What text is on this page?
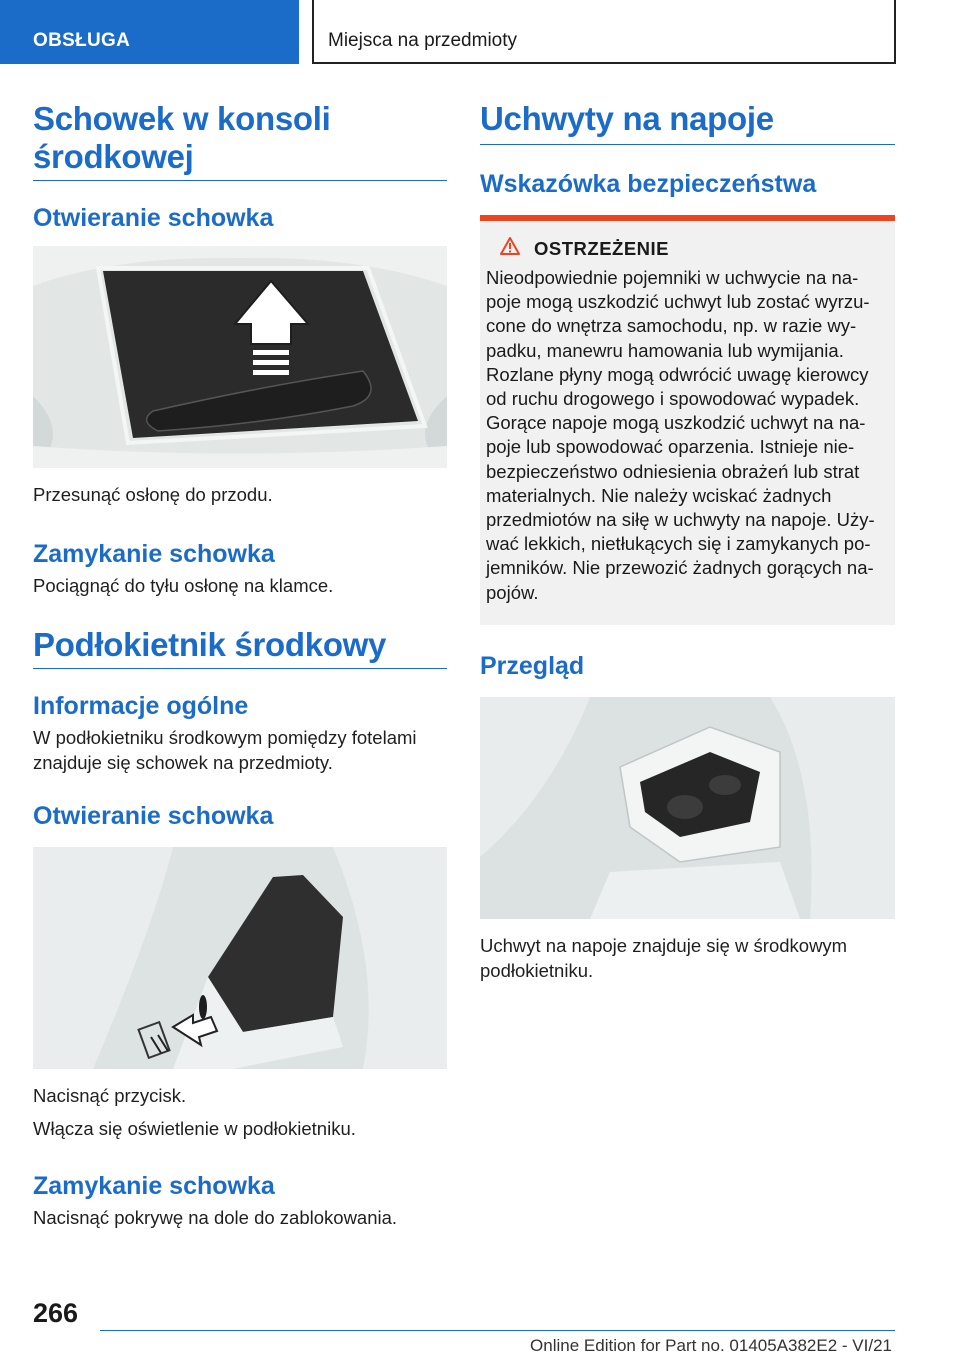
OBSŁUGA	Miejsca na przedmioty
Schowek w konsoli środkowej
Otwieranie schowka
Przesunąć osłonę do przodu.
Zamykanie schowka
Pociągnąć do tyłu osłonę na klamce.
Podłokietnik środkowy
Informacje ogólne
W podłokietniku środkowym pomiędzy fotelami znajduje się schowek na przedmioty.
Otwieranie schowka
Nacisnąć przycisk.
Włącza się oświetlenie w podłokietniku.
Zamykanie schowka
Nacisnąć pokrywę na dole do zablokowania.
Uchwyty na napoje
Wskazówka bezpieczeństwa
OSTRZEŻENIE

Nieodpowiednie pojemniki w uchwycie na na-poje mogą uszkodzić uchwyt lub zostać wyrzu-cone do wnętrza samochodu, np. w razie wy-padku, manewru hamowania lub wymijania. Rozlane płyny mogą odwrócić uwagę kierowcy od ruchu drogowego i spowodować wypadek. Gorące napoje mogą uszkodzić uchwyt na na-poje lub spowodować oparzenia. Istnieje nie-bezpieczeństwo odniesienia obrażeń lub strat materialnych. Nie należy wciskać żadnych przedmiotów na siłę w uchwyty na napoje. Uży-wać lekkich, nietłukących się i zamykanych po-jemników. Nie przewozić żadnych gorących na-pojów.

Przegląd
Uchwyt na napoje znajduje się w środkowym podłokietniku.
266
Online Edition for Part no. 01405A382E2 - VI/21
